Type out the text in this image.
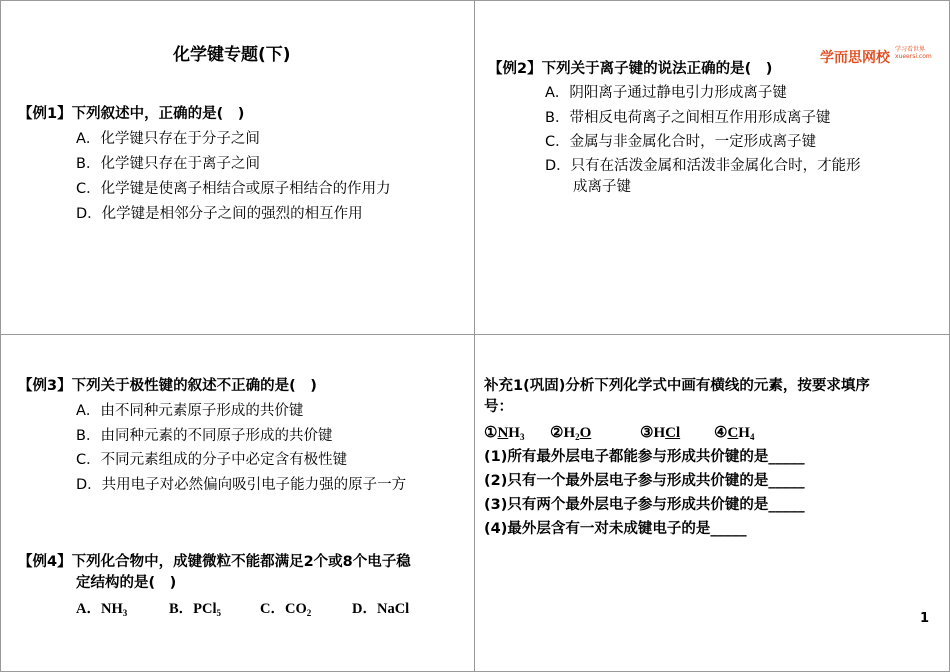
学而思网校
学习看世界
xueersi.com
化学键专题(下)
【例1】下列叙述中，正确的是(　)
A．化学键只存在于分子之间
B．化学键只存在于离子之间
C．化学键是使离子相结合或原子相结合的作用力
D．化学键是相邻分子之间的强烈的相互作用
【例2】下列关于离子键的说法正确的是(　)
A．阴阳离子通过静电引力形成离子键
B．带相反电荷离子之间相互作用形成离子键
C．金属与非金属化合时，一定形成离子键
D．只有在活泼金属和活泼非金属化合时，才能形
成离子键
【例3】下列关于极性键的叙述不正确的是(　)
A．由不同种元素原子形成的共价键
B．由同种元素的不同原子形成的共价键
C．不同元素组成的分子中必定含有极性键
D．共用电子对必然偏向吸引电子能力强的原子一方
【例4】下列化合物中，成键微粒不能都满足2个或8个电子稳
定结构的是(　)
A．$NH_3$	B．PCl$_5$	C．$CO_2$	D．NaCl
补充1(巩固)分析下列化学式中画有横线的元素，按要求填序
号：
$①NH_3$ $②H_2O$	③HCl $④CH_4$
(1)所有最外层电子都能参与形成共价键的是_____
(2)只有一个最外层电子参与形成共价键的是_____
(3)只有两个最外层电子参与形成共价键的是_____
(4)最外层含有一对未成键电子的是_____
1
